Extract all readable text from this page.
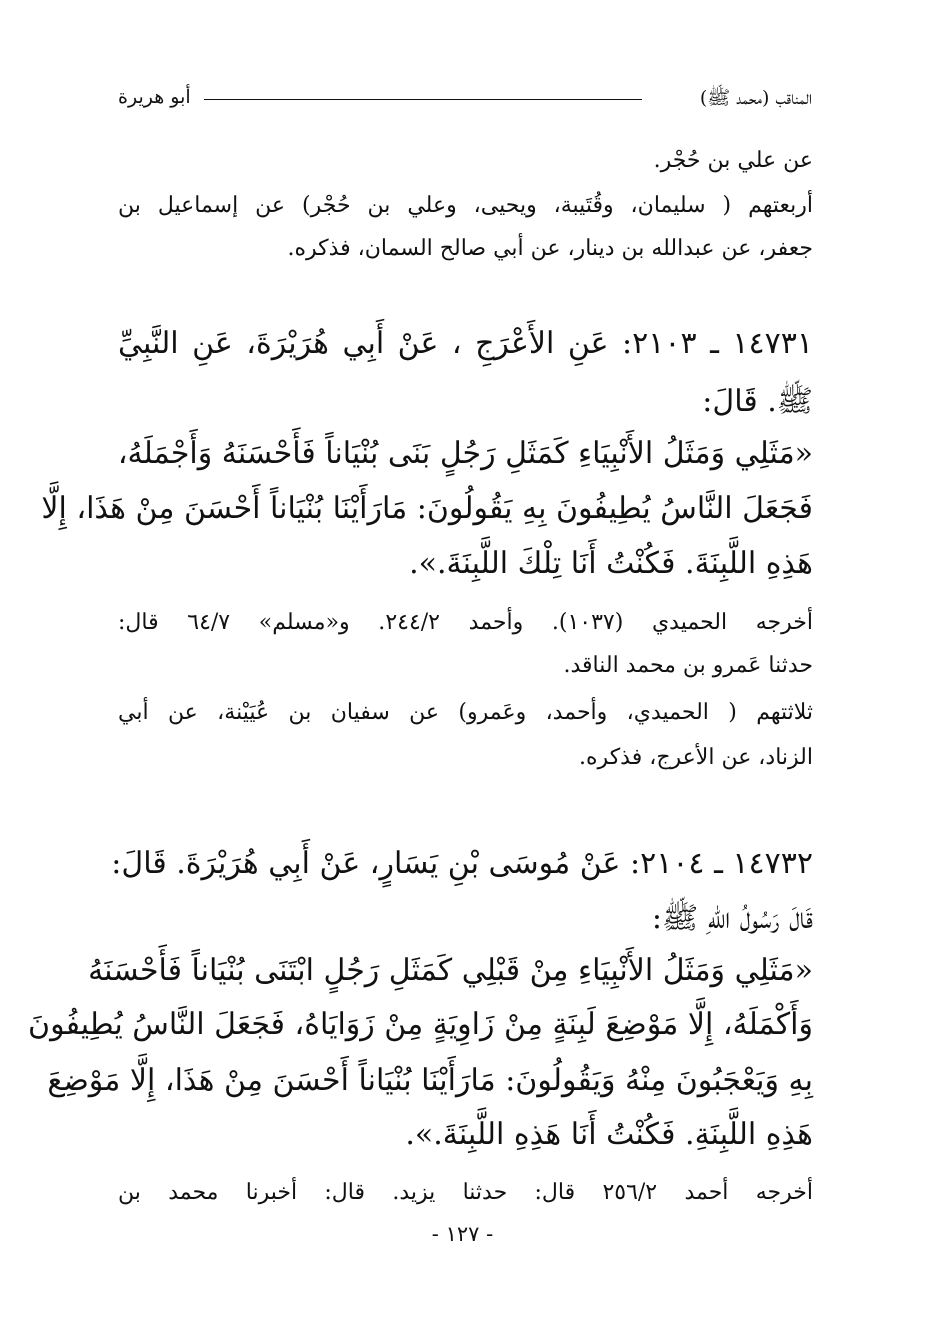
المناقب (محمد ﷺ)
أبو هريرة
عن علي بن حُجْر.
أربعتهم ( سليمان، وقُتَيبة، ويحيى، وعلي بن حُجْر) عن إسماعيل بن
جعفر، عن عبدالله بن دينار، عن أبي صالح السمان، فذكره.
١٤٧٣١ ـ ٢١٠٣: عَنِ الأَعْرَجِ ، عَنْ أَبِي هُرَيْرَةَ، عَنِ النَّبِيِّ
ﷺ. قَالَ:
«مَثَلِي وَمَثَلُ الأَنْبِيَاءِ كَمَثَلِ رَجُلٍ بَنَى بُنْيَاناً فَأَحْسَنَهُ وَأَجْمَلَهُ،
فَجَعَلَ النَّاسُ يُطِيفُونَ بِهِ يَقُولُونَ: مَارَأَيْنَا بُنْيَاناً أَحْسَنَ مِنْ هَذَا، إِلَّا
هَذِهِ اللَّبِنَةَ. فَكُنْتُ أَنَا تِلْكَ اللَّبِنَةَ.».
أخرجه الحميدي (١٠٣٧). وأحمد ٢٤٤/٢. و«مسلم» ٦٤/٧ قال:
حدثنا عَمرو بن محمد الناقد.
ثلاثتهم ( الحميدي، وأحمد، وعَمرو) عن سفيان بن عُيَيْنة، عن أبي
الزناد، عن الأعرج، فذكره.
١٤٧٣٢ ـ ٢١٠٤: عَنْ مُوسَى بْنِ يَسَارٍ، عَنْ أَبِي هُرَيْرَةَ. قَالَ:
قَالَ رَسُولُ اللهِ ﷺ:
«مَثَلِي وَمَثَلُ الأَنْبِيَاءِ مِنْ قَبْلِي كَمَثَلِ رَجُلٍ ابْتَنَى بُنْيَاناً فَأَحْسَنَهُ
وَأَكْمَلَهُ، إِلَّا مَوْضِعَ لَبِنَةٍ مِنْ زَاوِيَةٍ مِنْ زَوَايَاهُ، فَجَعَلَ النَّاسُ يُطِيفُونَ
بِهِ وَيَعْجَبُونَ مِنْهُ وَيَقُولُونَ: مَارَأَيْنَا بُنْيَاناً أَحْسَنَ مِنْ هَذَا، إِلَّا مَوْضِعَ
هَذِهِ اللَّبِنَةِ. فَكُنْتُ أَنَا هَذِهِ اللَّبِنَةَ.».
أخرجه أحمد ٢٥٦/٢ قال: حدثنا يزيد. قال: أخبرنا محمد بن
- ١٢٧ -
